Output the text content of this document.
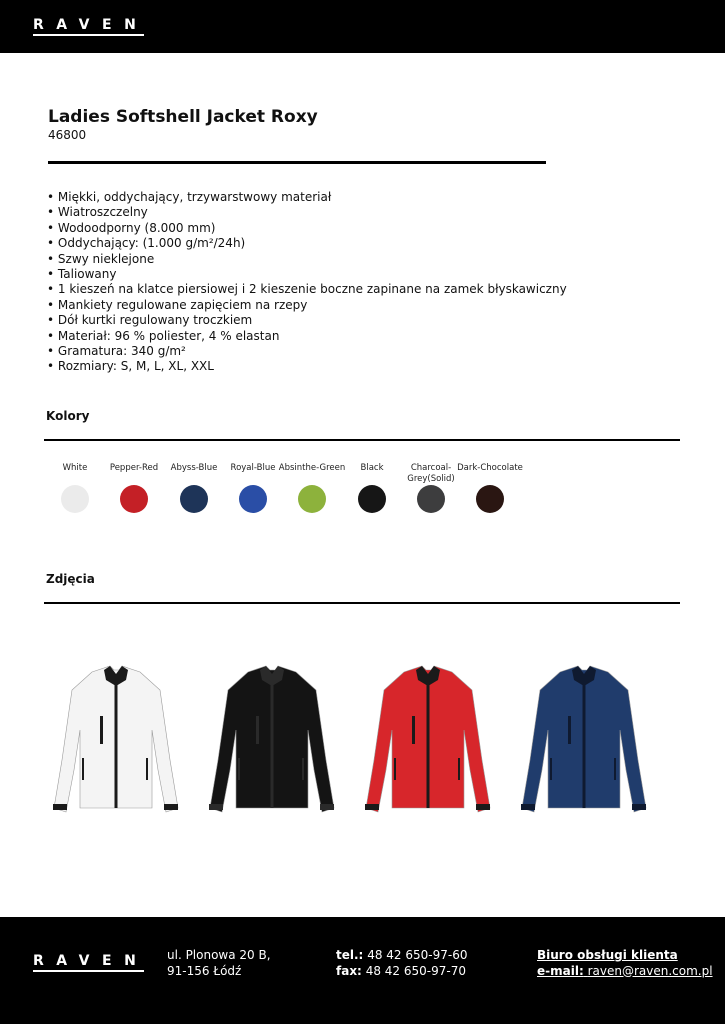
RAVEN
Ladies Softshell Jacket Roxy
46800
• Miękki, oddychający, trzywarstwowy materiał
• Wiatroszczelny
• Wodoodporny (8.000 mm)
• Oddychający: (1.000 g/m²/24h)
• Szwy nieklejone
• Taliowany
• 1 kieszeń na klatce piersiowej i 2 kieszenie boczne zapinane na zamek błyskawiczny
• Mankiety regulowane zapięciem na rzepy
• Dół kurtki regulowany troczkiem
• Materiał: 96 % poliester, 4 % elastan
• Gramatura: 340 g/m²
• Rozmiary: S, M, L, XL, XXL
Kolory
White	Pepper-Red Abyss-Blue Royal-Blue Absinthe-Green Black	Charcoal-Grey(Solid)
Dark-Chocolate
Zdjęcia
ul. Plonowa 20 B,
91-156 Łódź
tel.: 48 42 650-97-60
fax: 48 42 650-97-70
Biuro obsługi klienta
e-mail: raven@raven.com.pl
RAVEN
